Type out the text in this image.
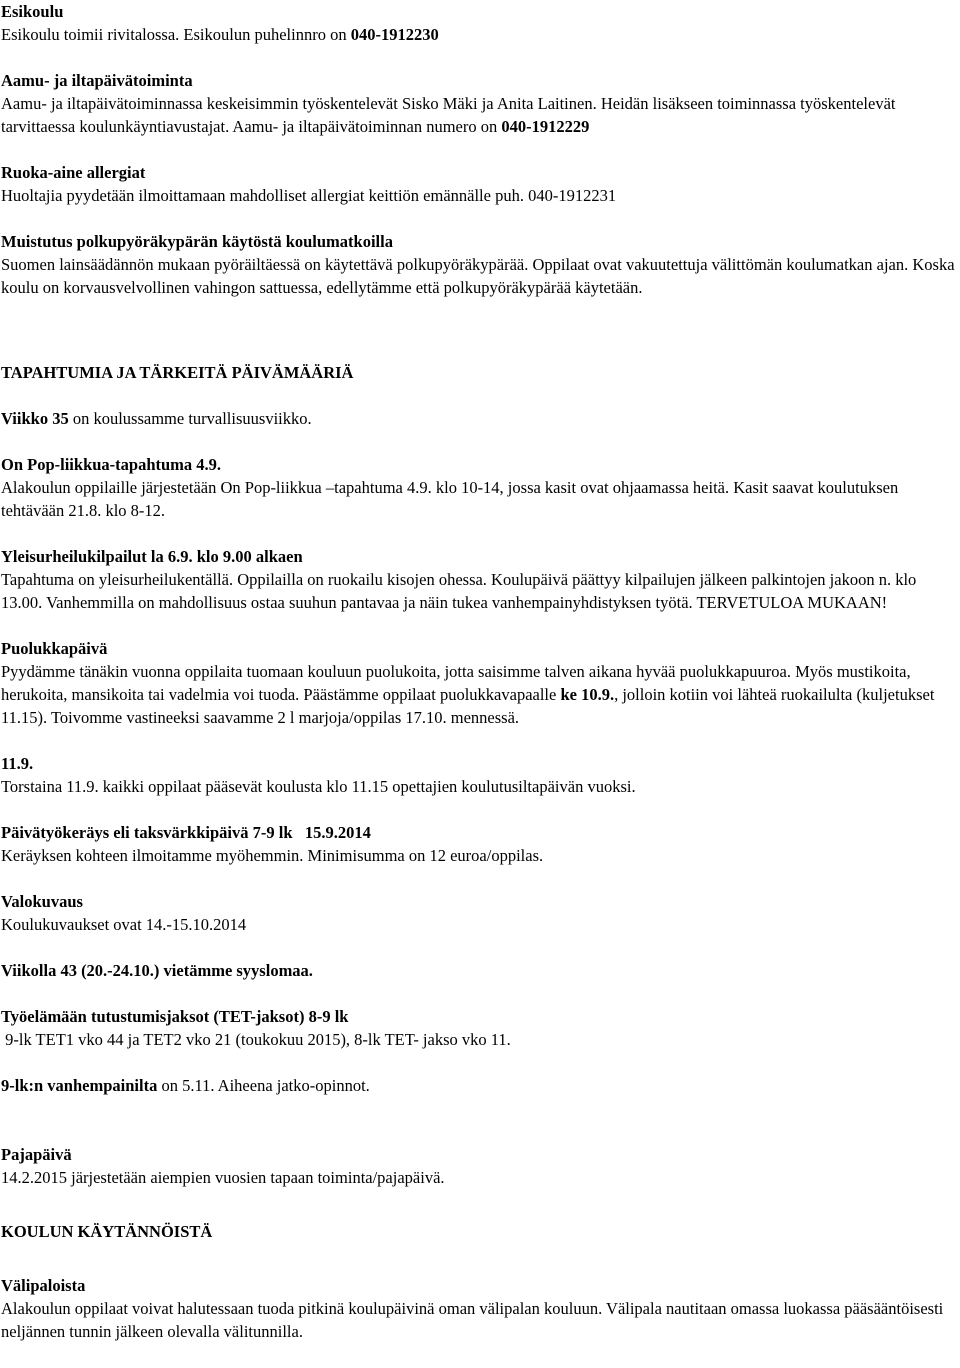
Esikoulu

Esikoulu toimii rivitalossa. Esikoulun puhelinnro on 040-1912230

Aamu- ja iltapäivätoiminta

Aamu- ja iltapäivätoiminnassa keskeisimmin työskentelevät Sisko Mäki ja Anita Laitinen. Heidän lisäkseen toiminnassa työskentelevät tarvittaessa koulunkäyntiavustajat. Aamu- ja iltapäivätoiminnan numero on 040-1912229

Ruoka-aine allergiat

Huoltajia pyydetään ilmoittamaan mahdolliset allergiat keittiön emännälle puh. 040-1912231

Muistutus polkupyöräkypärän käytöstä koulumatkoilla

Suomen lainsäädännön mukaan pyöräiltäessä on käytettävä polkupyöräkypärää. Oppilaat ovat vakuutettuja välittömän koulumatkan ajan. Koska koulu on korvausvelvollinen vahingon sattuessa, edellytämme että polkupyöräkypärää käytetään.

TAPAHTUMIA JA TÄRKEITÄ PÄIVÄMÄÄRIÄ

Viikko 35 on koulussamme turvallisuusviikko.

On Pop-liikkua-tapahtuma 4.9.

Alakoulun oppilaille järjestetään On Pop-liikkua –tapahtuma 4.9. klo 10-14, jossa kasit ovat ohjaamassa heitä. Kasit saavat koulutuksen tehtävään 21.8. klo 8-12.

Yleisurheilukilpailut la 6.9. klo 9.00 alkaen

Tapahtuma on yleisurheilukentällä. Oppilailla on ruokailu kisojen ohessa. Koulupäivä päättyy kilpailujen jälkeen palkintojen jakoon n. klo 13.00. Vanhemmilla on mahdollisuus ostaa suuhun pantavaa ja näin tukea vanhempainyhdistyksen työtä. TERVETULOA MUKAAN!

Puolukkapäivä

Pyydämme tänäkin vuonna oppilaita tuomaan kouluun puolukoita, jotta saisimme talven aikana hyvää puolukkapuuroa. Myös mustikoita, herukoita, mansikoita tai vadelmia voi tuoda. Päästämme oppilaat puolukkavapaalle ke 10.9., jolloin kotiin voi lähteä ruokailulta (kuljetukset 11.15). Toivomme vastineeksi saavamme 2 l marjoja/oppilas 17.10. mennessä.

11.9.

Torstaina 11.9. kaikki oppilaat pääsevät koulusta klo 11.15 opettajien koulutusiltapäivän vuoksi.

Päivätyökeräys eli taksvärkkipäivä 7-9 lk   15.9.2014

Keräyksen kohteen ilmoitamme myöhemmin. Minimisumma on 12 euroa/oppilas.

Valokuvaus

Koulukuvaukset ovat 14.-15.10.2014

Viikolla 43 (20.-24.10.) vietämme syyslomaa.
Työelämään tutustumisjaksot (TET-jaksot) 8-9 lk

9-lk TET1 vko 44 ja TET2 vko 21 (toukokuu 2015), 8-lk TET- jakso vko 11.

9-lk:n vanhempainilta on 5.11. Aiheena jatko-opinnot.

Pajapäivä

14.2.2015 järjestetään aiempien vuosien tapaan toiminta/pajapäivä.

KOULUN KÄYTÄNNÖISTÄ
Välipaloista

Alakoulun oppilaat voivat halutessaan tuoda pitkinä koulupäivinä oman välipalan kouluun. Välipala nautitaan omassa luokassa pääsääntöisesti neljännen tunnin jälkeen olevalla välitunnilla.
